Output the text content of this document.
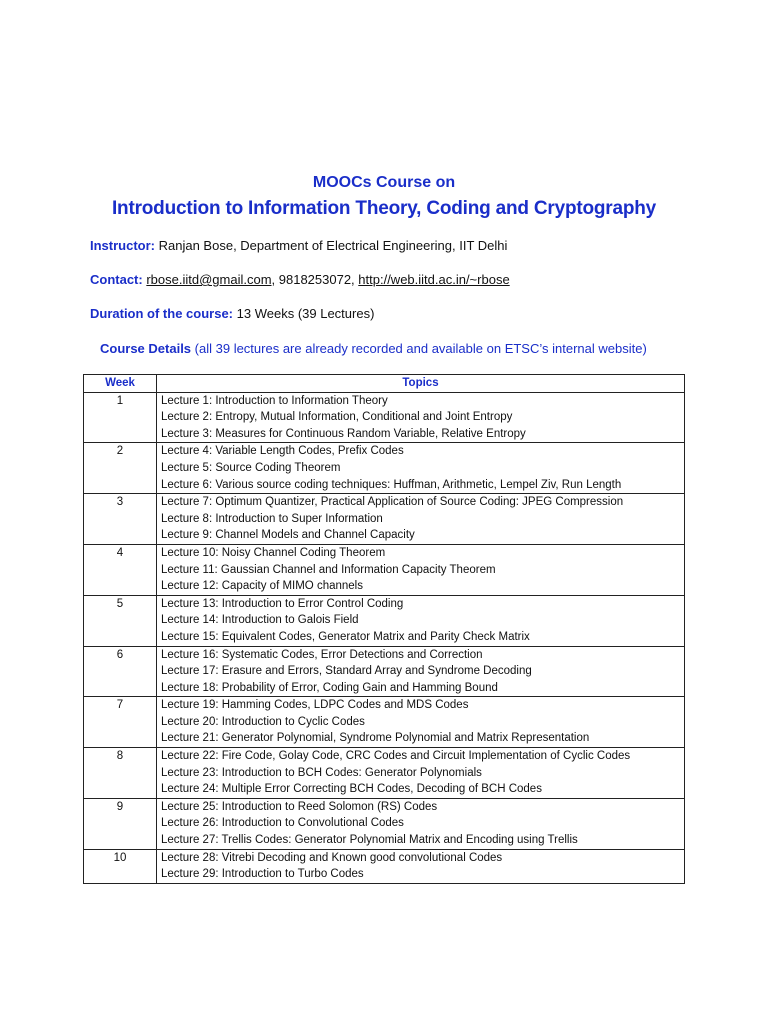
MOOCs Course on
Introduction to Information Theory, Coding and Cryptography
Instructor: Ranjan Bose, Department of Electrical Engineering, IIT Delhi
Contact: rbose.iitd@gmail.com, 9818253072, http://web.iitd.ac.in/~rbose
Duration of the course: 13 Weeks (39 Lectures)
Course Details (all 39 lectures are already recorded and available on ETSC’s internal website)
Week	Topics
1	Lecture 1: Introduction to Information Theory
Lecture 2: Entropy, Mutual Information, Conditional and Joint Entropy
Lecture 3: Measures for Continuous Random Variable, Relative Entropy

2	Lecture 4: Variable Length Codes, Prefix Codes
Lecture 5: Source Coding Theorem
Lecture 6: Various source coding techniques: Huffman, Arithmetic, Lempel Ziv, Run Length

3	Lecture 7: Optimum Quantizer, Practical Application of Source Coding: JPEG Compression
Lecture 8: Introduction to Super Information
Lecture 9: Channel Models and Channel Capacity

4	Lecture 10: Noisy Channel Coding Theorem
Lecture 11: Gaussian Channel and Information Capacity Theorem
Lecture 12: Capacity of MIMO channels

5	Lecture 13: Introduction to Error Control Coding
Lecture 14: Introduction to Galois Field
Lecture 15: Equivalent Codes, Generator Matrix and Parity Check Matrix

6	Lecture 16: Systematic Codes, Error Detections and Correction
Lecture 17: Erasure and Errors, Standard Array and Syndrome Decoding
Lecture 18: Probability of Error, Coding Gain and Hamming Bound

7	Lecture 19: Hamming Codes, LDPC Codes and MDS Codes
Lecture 20: Introduction to Cyclic Codes
Lecture 21: Generator Polynomial, Syndrome Polynomial and Matrix Representation

8	Lecture 22: Fire Code, Golay Code, CRC Codes and Circuit Implementation of Cyclic Codes
Lecture 23: Introduction to BCH Codes: Generator Polynomials
Lecture 24: Multiple Error Correcting BCH Codes, Decoding of BCH Codes

9	Lecture 25: Introduction to Reed Solomon (RS) Codes
Lecture 26: Introduction to Convolutional Codes
Lecture 27: Trellis Codes: Generator Polynomial Matrix and Encoding using Trellis

10	Lecture 28: Vitrebi Decoding and Known good convolutional Codes
Lecture 29: Introduction to Turbo Codes
